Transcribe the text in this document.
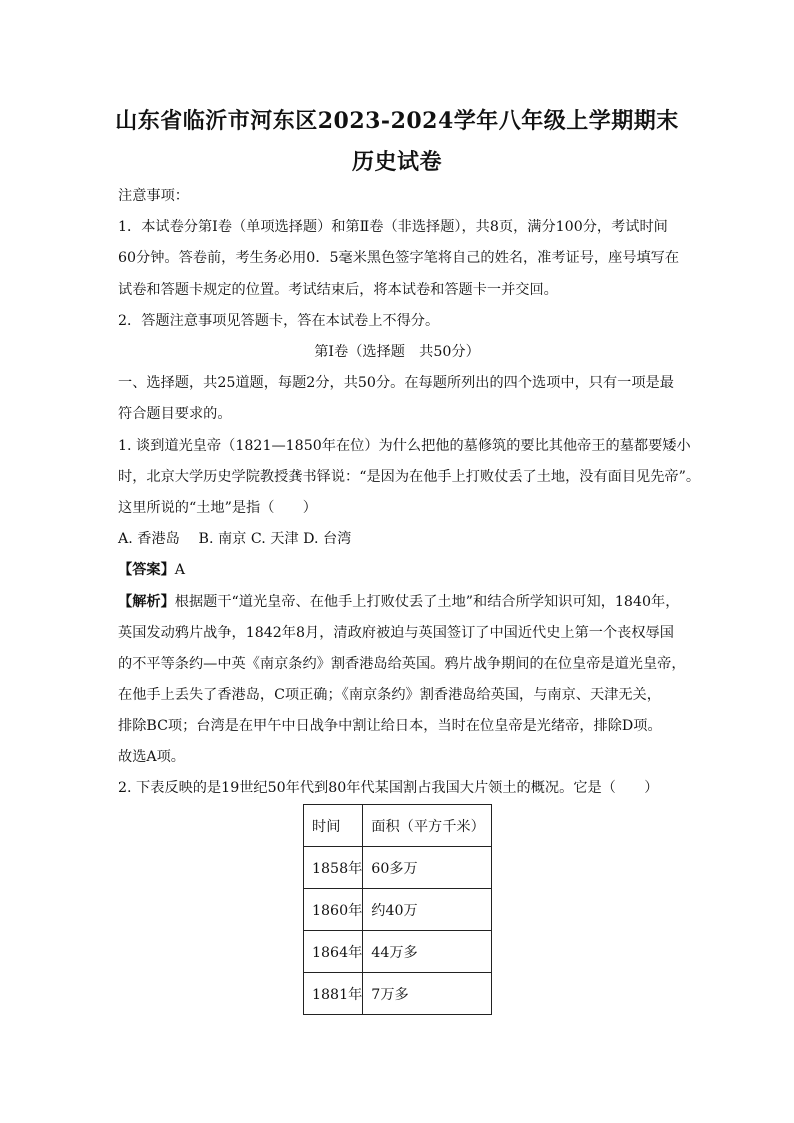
山东省临沂市河东区2023-2024学年八年级上学期期末
历史试卷
注意事项：
1．本试卷分第Ⅰ卷（单项选择题）和第Ⅱ卷（非选择题），共8页，满分100分，考试时间
60分钟。答卷前，考生务必用0．5毫米黑色签字笔将自己的姓名，准考证号，座号填写在
试卷和答题卡规定的位置。考试结束后，将本试卷和答题卡一并交回。
2．答题注意事项见答题卡，答在本试卷上不得分。
第Ⅰ卷（选择题　共50分）
一、选择题，共25道题，每题2分，共50分。在每题所列出的四个选项中，只有一项是最
符合题目要求的。
1. 谈到道光皇帝（1821—1850年在位）为什么把他的墓修筑的要比其他帝王的墓都要矮小
时，北京大学历史学院教授龚书铎说：“是因为在他手上打败仗丢了土地，没有面目见先帝”。
这里所说的“土地”是指（　　）
A. 香港岛　 B. 南京 C. 天津 D. 台湾
【答案】A
【解析】根据题干“道光皇帝、在他手上打败仗丢了土地”和结合所学知识可知，1840年，
英国发动鸦片战争，1842年8月，清政府被迫与英国签订了中国近代史上第一个丧权辱国
的不平等条约—中英《南京条约》割香港岛给英国。鸦片战争期间的在位皇帝是道光皇帝，
在他手上丢失了香港岛，C项正确；《南京条约》割香港岛给英国，与南京、天津无关，
排除BC项；台湾是在甲午中日战争中割让给日本，当时在位皇帝是光绪帝，排除D项。
故选A项。
2. 下表反映的是19世纪50年代到80年代某国割占我国大片领土的概况。它是（　　）
时间	面积（平方千米）
1858年	60多万
1860年	约40万
1864年	44万多
1881年	7万多
